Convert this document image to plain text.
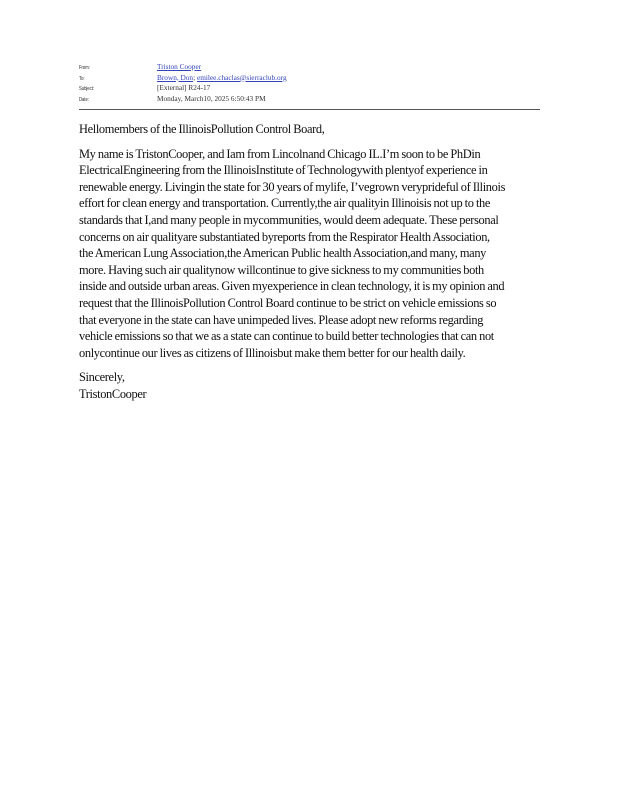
From:	Triston Cooper
To:	Brown, Don; emilee.chaclas@sierraclub.org
Subject:	[External] R24-17
Date:	Monday, March10, 2025 6:50:43 PM

Hellomembers of the IllinoisPollution Control Board,

My name is TristonCooper, and Iam from Lincolnand Chicago IL.I’m soon to be PhDin
ElectricalEngineering from the IllinoisInstitute of Technologywith plentyof experience in
renewable energy. Livingin the state for 30 years of mylife, I’vegrown veryprideful of Illinois
effort for clean energy and transportation. Currently,the air qualityin Illinoisis not up to the
standards that I,and many people in mycommunities, would deem adequate. These personal
concerns on air qualityare substantiated byreports from the Respirator Health Association,
the American Lung Association,the American Public health Association,and many, many
more. Having such air qualitynow willcontinue to give sickness to my communities both
inside and outside urban areas. Given myexperience in clean technology, it is my opinion and
request that the IllinoisPollution Control Board continue to be strict on vehicle emissions so
that everyone in the state can have unimpeded lives. Please adopt new reforms regarding
vehicle emissions so that we as a state can continue to build better technologies that can not
onlycontinue our lives as citizens of Illinoisbut make them better for our health daily.

Sincerely,
TristonCooper
